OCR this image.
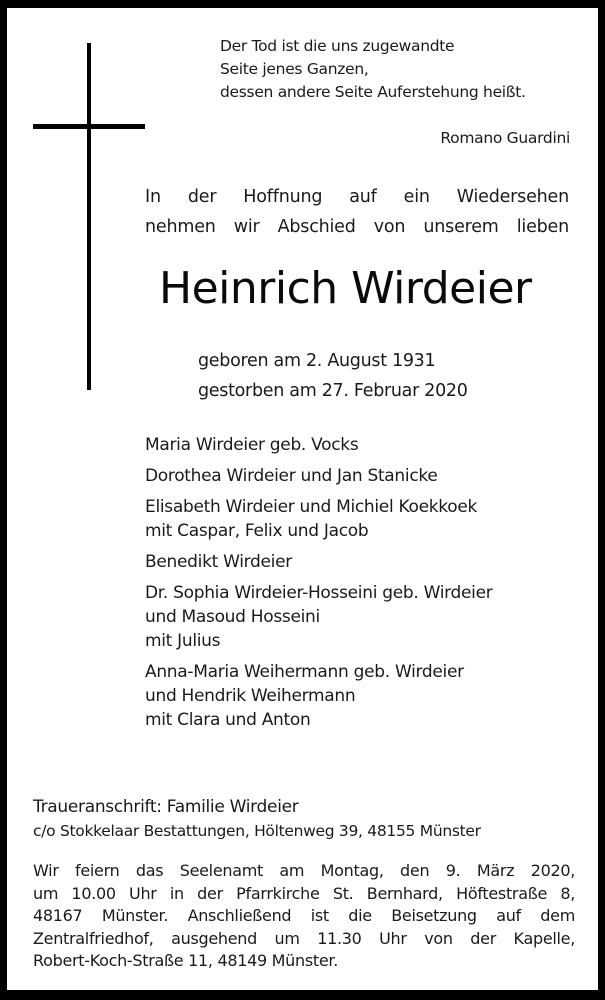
Der Tod ist die uns zugewandte
Seite jenes Ganzen,
dessen andere Seite Auferstehung heißt.
Romano Guardini
In der Hoffnung auf ein Wiedersehen
nehmen wir Abschied von unserem lieben
Heinrich Wirdeier
geboren am 2. August 1931
gestorben am 27. Februar 2020
Maria Wirdeier geb. Vocks
Dorothea Wirdeier und Jan Stanicke
Elisabeth Wirdeier und Michiel Koekkoek
mit Caspar, Felix und Jacob
Benedikt Wirdeier
Dr. Sophia Wirdeier-Hosseini geb. Wirdeier
und Masoud Hosseini
mit Julius
Anna-Maria Weihermann geb. Wirdeier
und Hendrik Weihermann
mit Clara und Anton
Traueranschrift: Familie Wirdeier
c/o Stokkelaar Bestattungen, Höltenweg 39, 48155 Münster
Wir feiern das Seelenamt am Montag, den 9. März 2020,
um 10.00 Uhr in der Pfarrkirche St. Bernhard, Höftestraße 8,
48167 Münster. Anschließend ist die Beisetzung auf dem
Zentralfriedhof, ausgehend um 11.30 Uhr von der Kapelle,
Robert-Koch-Straße 11, 48149 Münster.
